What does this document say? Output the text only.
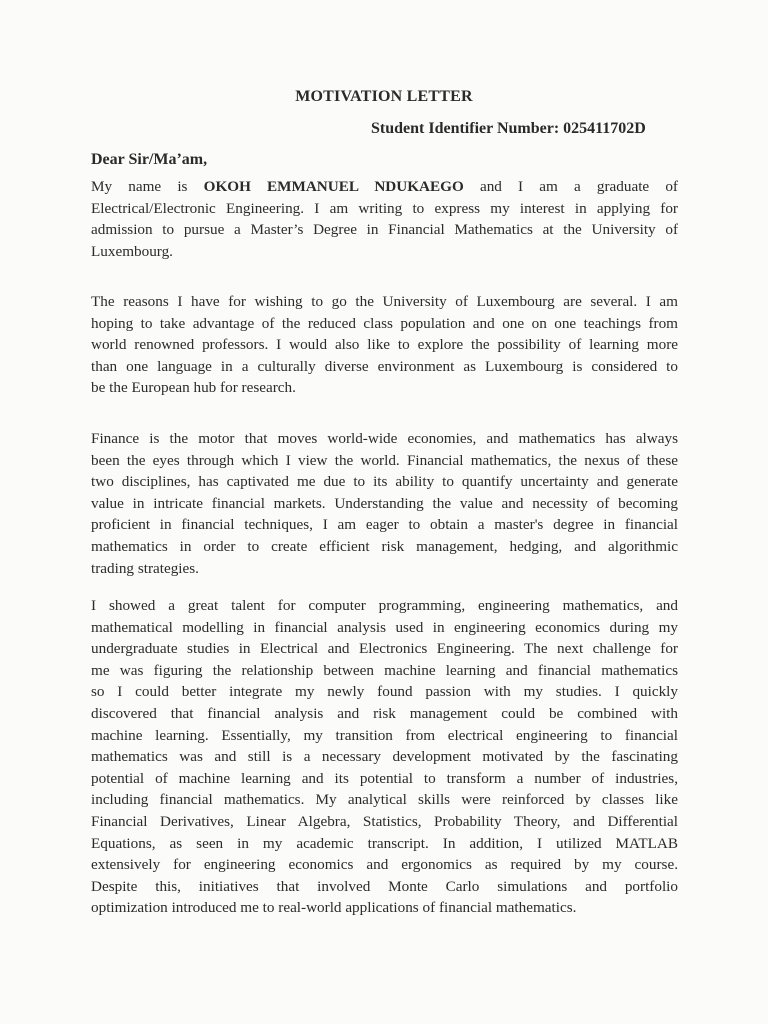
MOTIVATION LETTER
Student Identifier Number: 025411702D
Dear Sir/Ma’am,
My name is OKOH EMMANUEL NDUKAEGO and I am a graduate of
Electrical/Electronic Engineering. I am writing to express my interest in applying for
admission to pursue a Master’s Degree in Financial Mathematics at the University of
Luxembourg.
The reasons I have for wishing to go the University of Luxembourg are several. I am
hoping to take advantage of the reduced class population and one on one teachings from
world renowned professors. I would also like to explore the possibility of learning more
than one language in a culturally diverse environment as Luxembourg is considered to
be the European hub for research.
Finance is the motor that moves world-wide economies, and mathematics has always
been the eyes through which I view the world. Financial mathematics, the nexus of these
two disciplines, has captivated me due to its ability to quantify uncertainty and generate
value in intricate financial markets. Understanding the value and necessity of becoming
proficient in financial techniques, I am eager to obtain a master's degree in financial
mathematics in order to create efficient risk management, hedging, and algorithmic
trading strategies.
I showed a great talent for computer programming, engineering mathematics, and
mathematical modelling in financial analysis used in engineering economics during my
undergraduate studies in Electrical and Electronics Engineering. The next challenge for
me was figuring the relationship between machine learning and financial mathematics
so I could better integrate my newly found passion with my studies. I quickly
discovered that financial analysis and risk management could be combined with
machine learning. Essentially, my transition from electrical engineering to financial
mathematics was and still is a necessary development motivated by the fascinating
potential of machine learning and its potential to transform a number of industries,
including financial mathematics. My analytical skills were reinforced by classes like
Financial Derivatives, Linear Algebra, Statistics, Probability Theory, and Differential
Equations, as seen in my academic transcript. In addition, I utilized MATLAB
extensively for engineering economics and ergonomics as required by my course.
Despite this, initiatives that involved Monte Carlo simulations and portfolio
optimization introduced me to real-world applications of financial mathematics.
